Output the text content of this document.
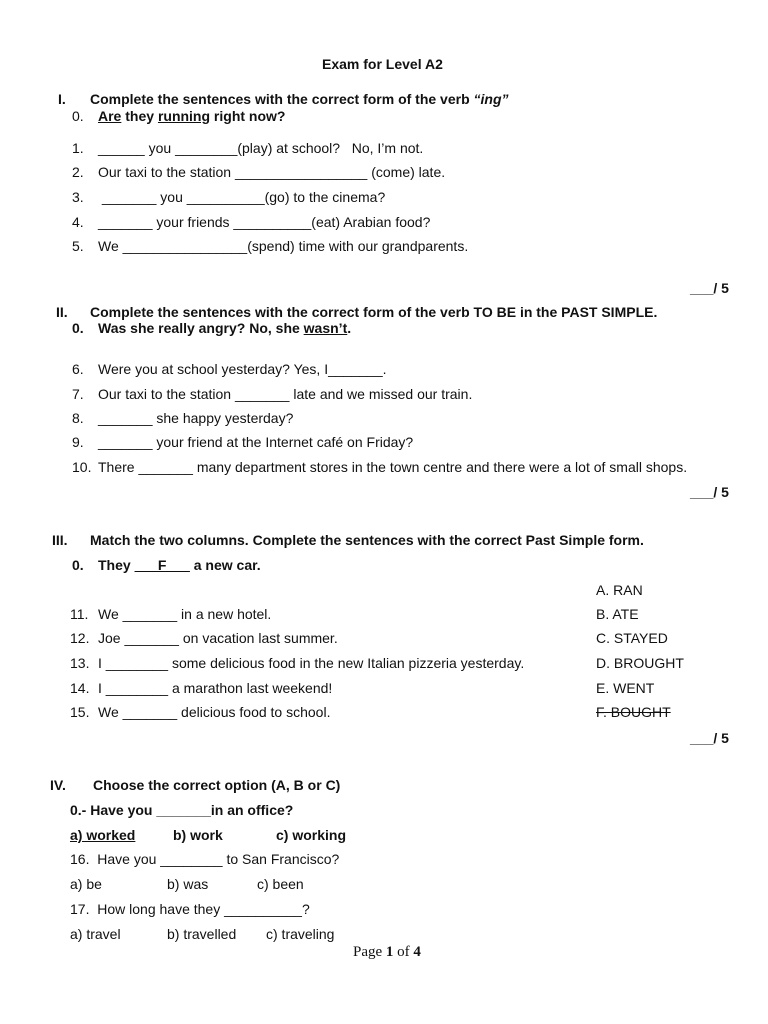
Exam for Level A2
I. Complete the sentences with the correct form of the verb “ing”
0. Are they running right now?
1. ______ you ________(play) at school?   No, I’m not.
2. Our taxi to the station _________________ (come) late.
3. _______ you __________(go) to the cinema?
4. _______ your friends __________(eat) Arabian food?
5. We ________________(spend) time with our grandparents.
___/ 5
II. Complete the sentences with the correct form of the verb TO BE in the PAST SIMPLE.
0. Was she really angry? No, she wasn’t.
6. Were you at school yesterday? Yes, I_______.
7. Our taxi to the station _______ late and we missed our train.
8. _______ she happy yesterday?
9. _______ your friend at the Internet café on Friday?
10. There _______ many department stores in the town centre and there were a lot of small shops.
___/ 5
III. Match the two columns. Complete the sentences with the correct Past Simple form.
0. They ___F___ a new car.
A. RAN
B. ATE
C. STAYED
D. BROUGHT
E. WENT
F. BOUGHT
11. We _______ in a new hotel.
12. Joe _______ on vacation last summer.
13. I ________ some delicious food in the new Italian pizzeria yesterday.
14. I ________ a marathon last weekend!
15. We _______ delicious food to school.
___/ 5
IV. Choose the correct option (A, B or C)
0.- Have you _______in an office?
a) worked	b) work	c) working
16.  Have you ________ to San Francisco?
a) be	b) was	c) been
17.  How long have they __________?
a) travel	b) travelled c) traveling
Page 1 of 4
